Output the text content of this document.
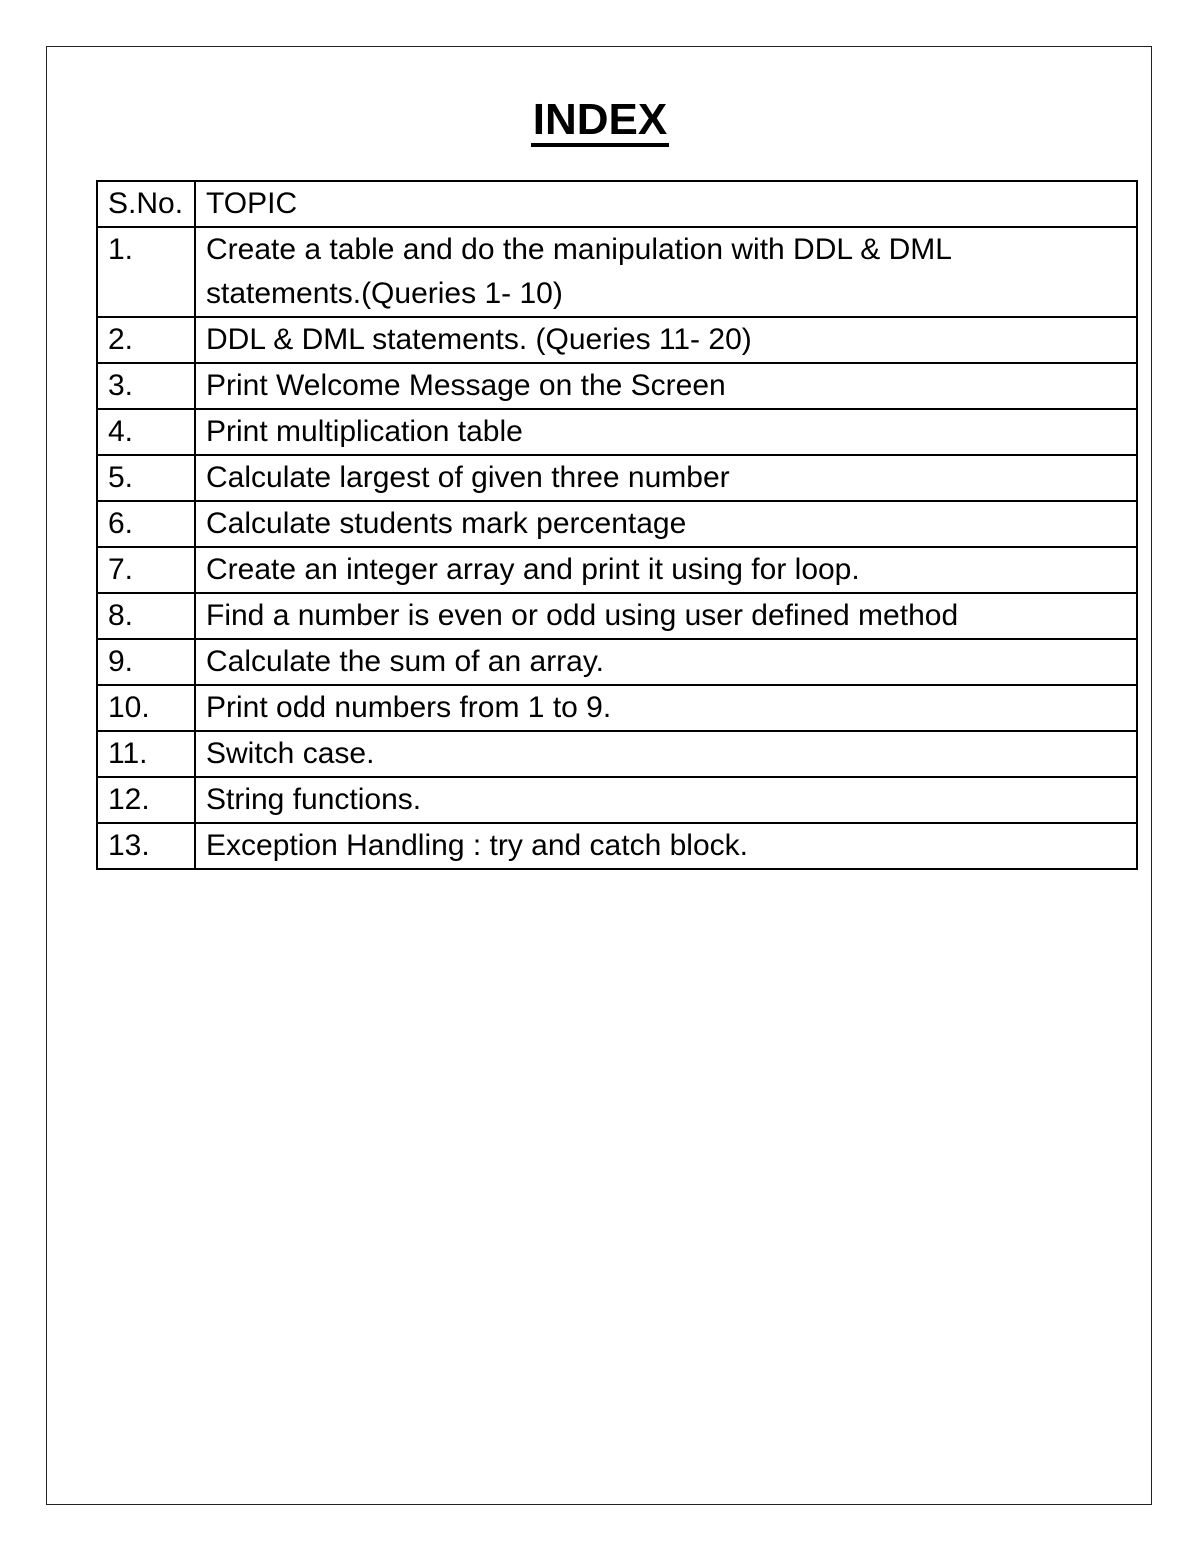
INDEX
S.No.	TOPIC
1.	Create a table and do the manipulation with DDL & DML
statements.(Queries 1- 10)

2.	DDL & DML statements. (Queries 11- 20)
3.	Print Welcome Message on the Screen
4.	Print multiplication table
5.	Calculate largest of given three number
6.	Calculate students mark percentage
7.	Create an integer array and print it using for loop.
8.	Find a number is even or odd using user defined method
9.	Calculate the sum of an array.
10.	Print odd numbers from 1 to 9.
11.	Switch case.
12.	String functions.
13.	Exception Handling : try and catch block.
